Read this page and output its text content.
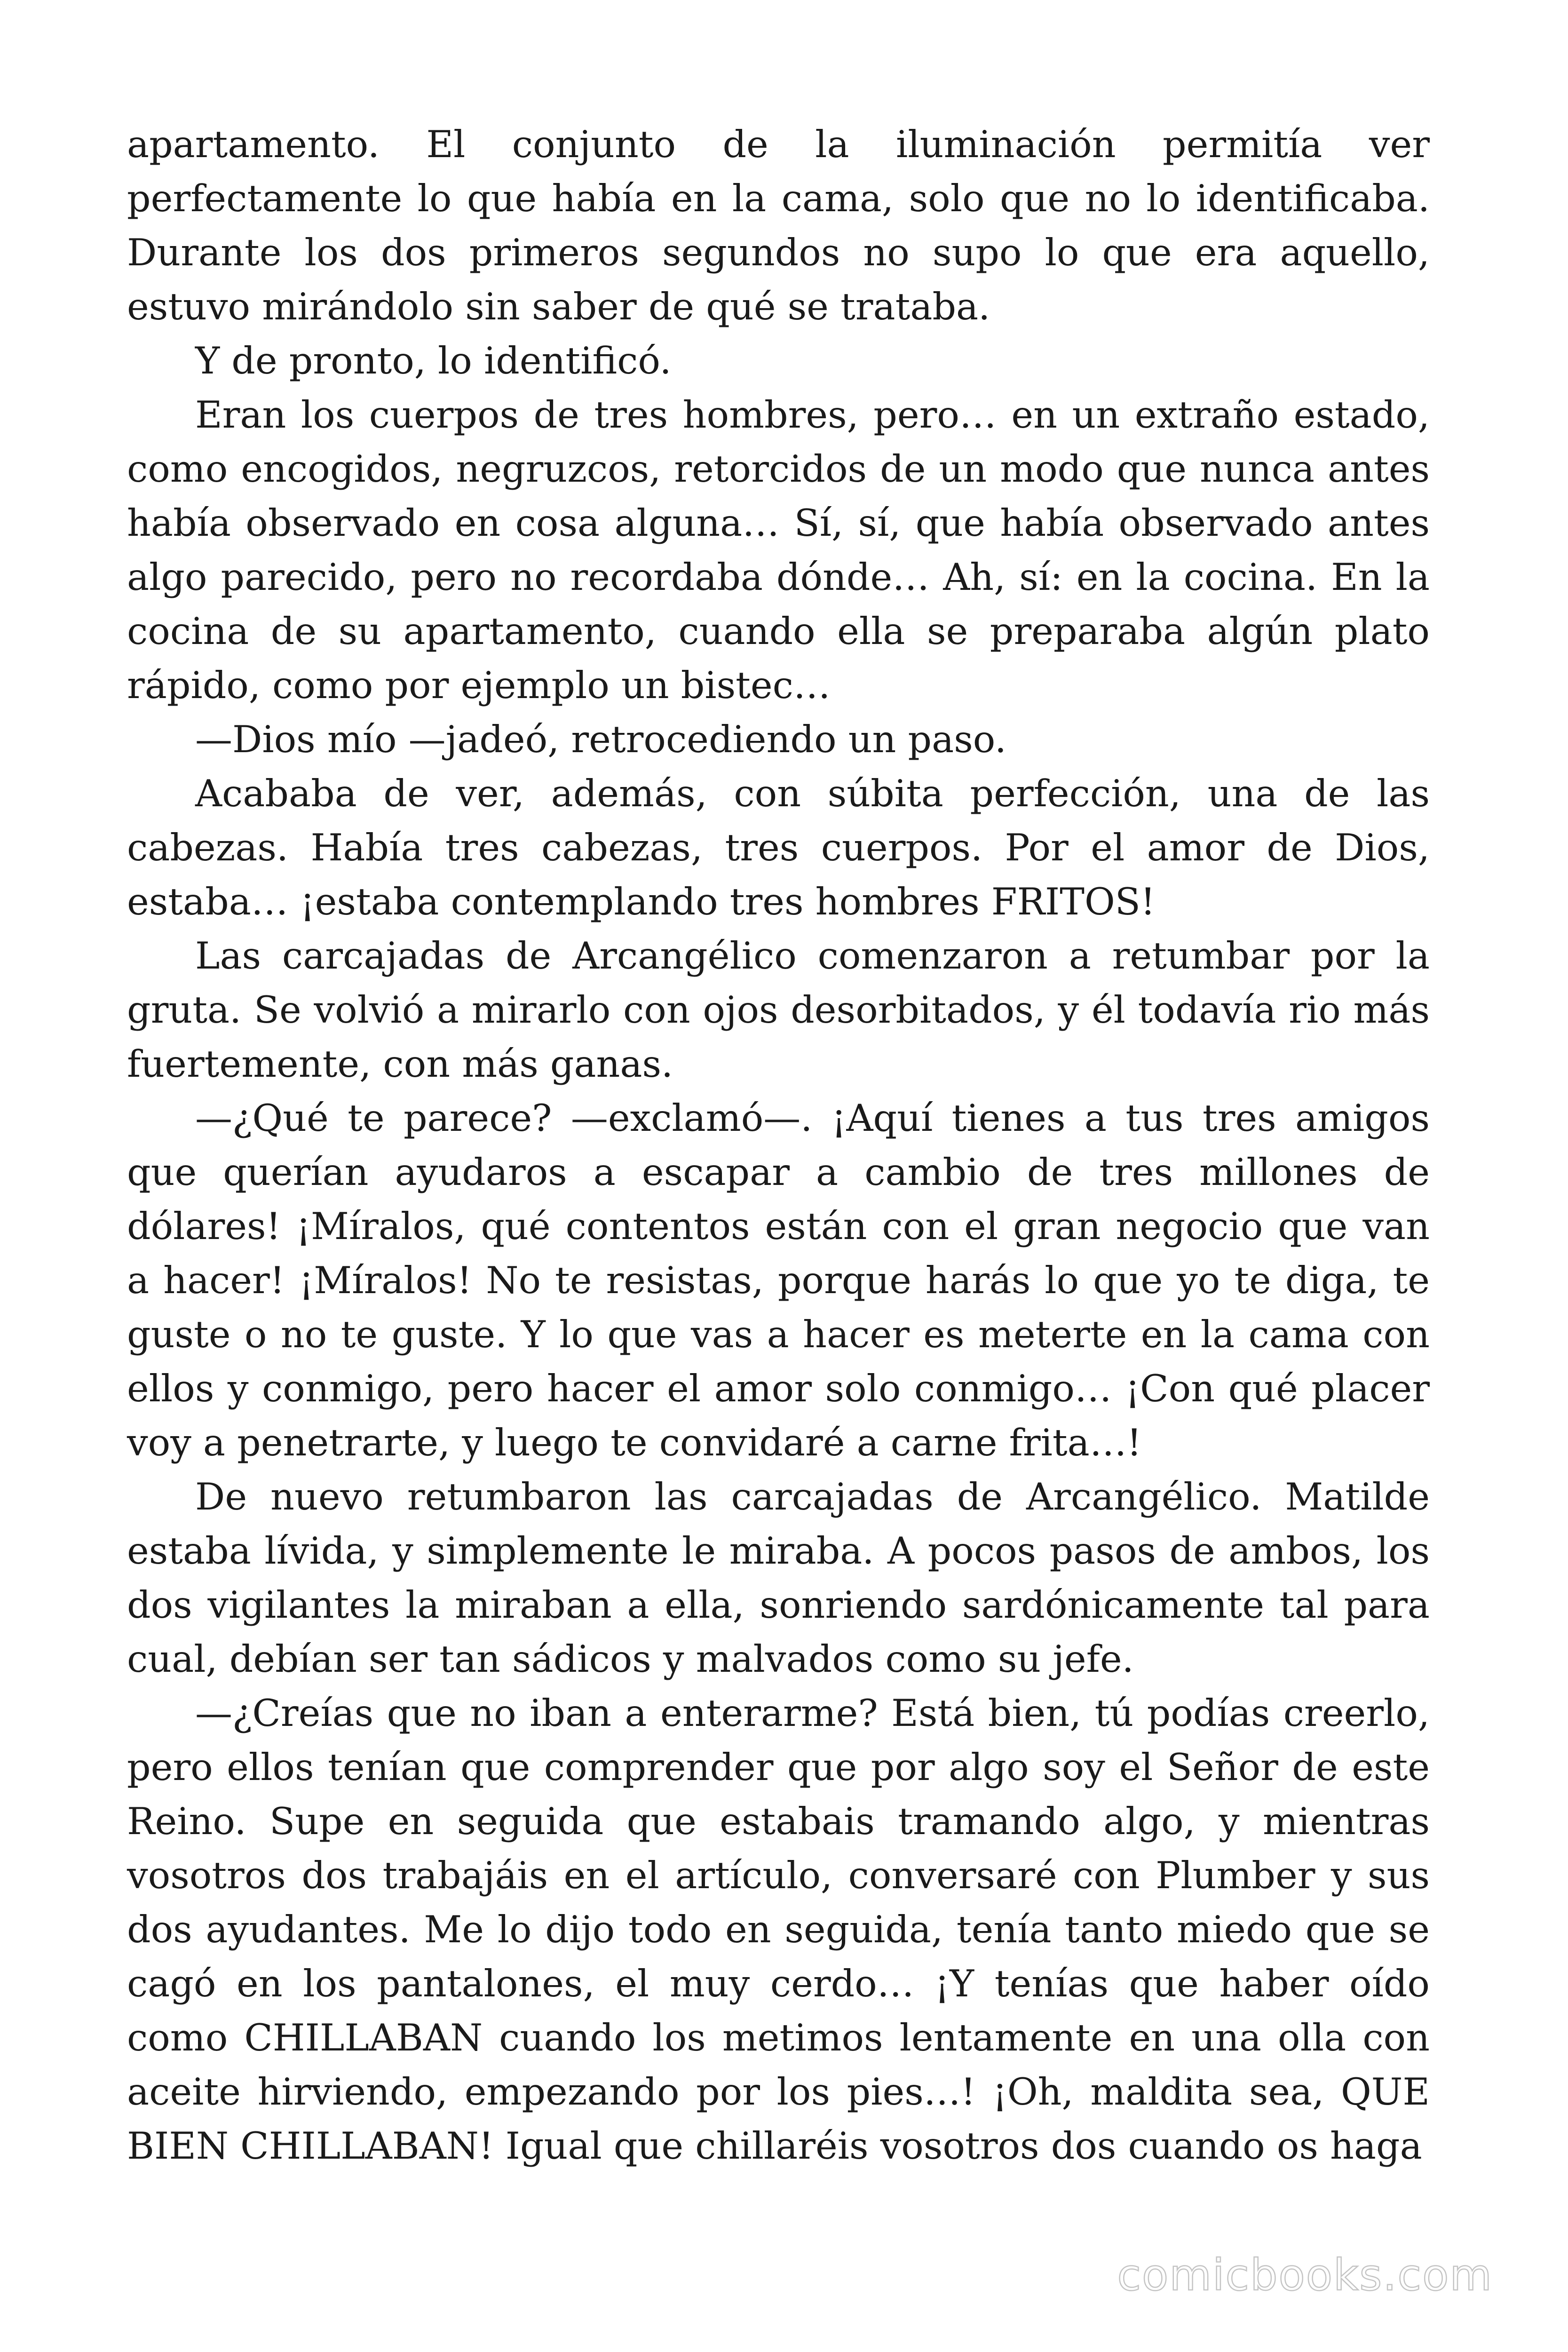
apartamento. El conjunto de la iluminación permitía ver perfectamente lo que había en la cama, solo que no lo identificaba. Durante los dos primeros segundos no supo lo que era aquello, estuvo mirándolo sin saber de qué se trataba.

Y de pronto, lo identificó.

Eran los cuerpos de tres hombres, pero… en un extraño estado, como encogidos, negruzcos, retorcidos de un modo que nunca antes había observado en cosa alguna… Sí, sí, que había observado antes algo parecido, pero no recordaba dónde… Ah, sí: en la cocina. En la cocina de su apartamento, cuando ella se preparaba algún plato rápido, como por ejemplo un bistec…

—Dios mío —jadeó, retrocediendo un paso.

Acababa de ver, además, con súbita perfección, una de las cabezas. Había tres cabezas, tres cuerpos. Por el amor de Dios, estaba… ¡estaba contemplando tres hombres FRITOS!

Las carcajadas de Arcangélico comenzaron a retumbar por la gruta. Se volvió a mirarlo con ojos desorbitados, y él todavía rio más fuertemente, con más ganas.

—¿Qué te parece? —exclamó—. ¡Aquí tienes a tus tres amigos que querían ayudaros a escapar a cambio de tres millones de dólares! ¡Míralos, qué contentos están con el gran negocio que van a hacer! ¡Míralos! No te resistas, porque harás lo que yo te diga, te guste o no te guste. Y lo que vas a hacer es meterte en la cama con ellos y conmigo, pero hacer el amor solo conmigo… ¡Con qué placer voy a penetrarte, y luego te convidaré a carne frita…!

De nuevo retumbaron las carcajadas de Arcangélico. Matilde estaba lívida, y simplemente le miraba. A pocos pasos de ambos, los dos vigilantes la miraban a ella, sonriendo sardónicamente tal para cual, debían ser tan sádicos y malvados como su jefe.

—¿Creías que no iban a enterarme? Está bien, tú podías creerlo, pero ellos tenían que comprender que por algo soy el Señor de este Reino. Supe en seguida que estabais tramando algo, y mientras vosotros dos trabajáis en el artículo, conversaré con Plumber y sus dos ayudantes. Me lo dijo todo en seguida, tenía tanto miedo que se cagó en los pantalones, el muy cerdo… ¡Y tenías que haber oído como CHILLABAN cuando los metimos lentamente en una olla con aceite hirviendo, empezando por los pies…! ¡Oh, maldita sea, QUE BIEN CHILLABAN! Igual que chillaréis vosotros dos cuando os haga

comicbooks.com
